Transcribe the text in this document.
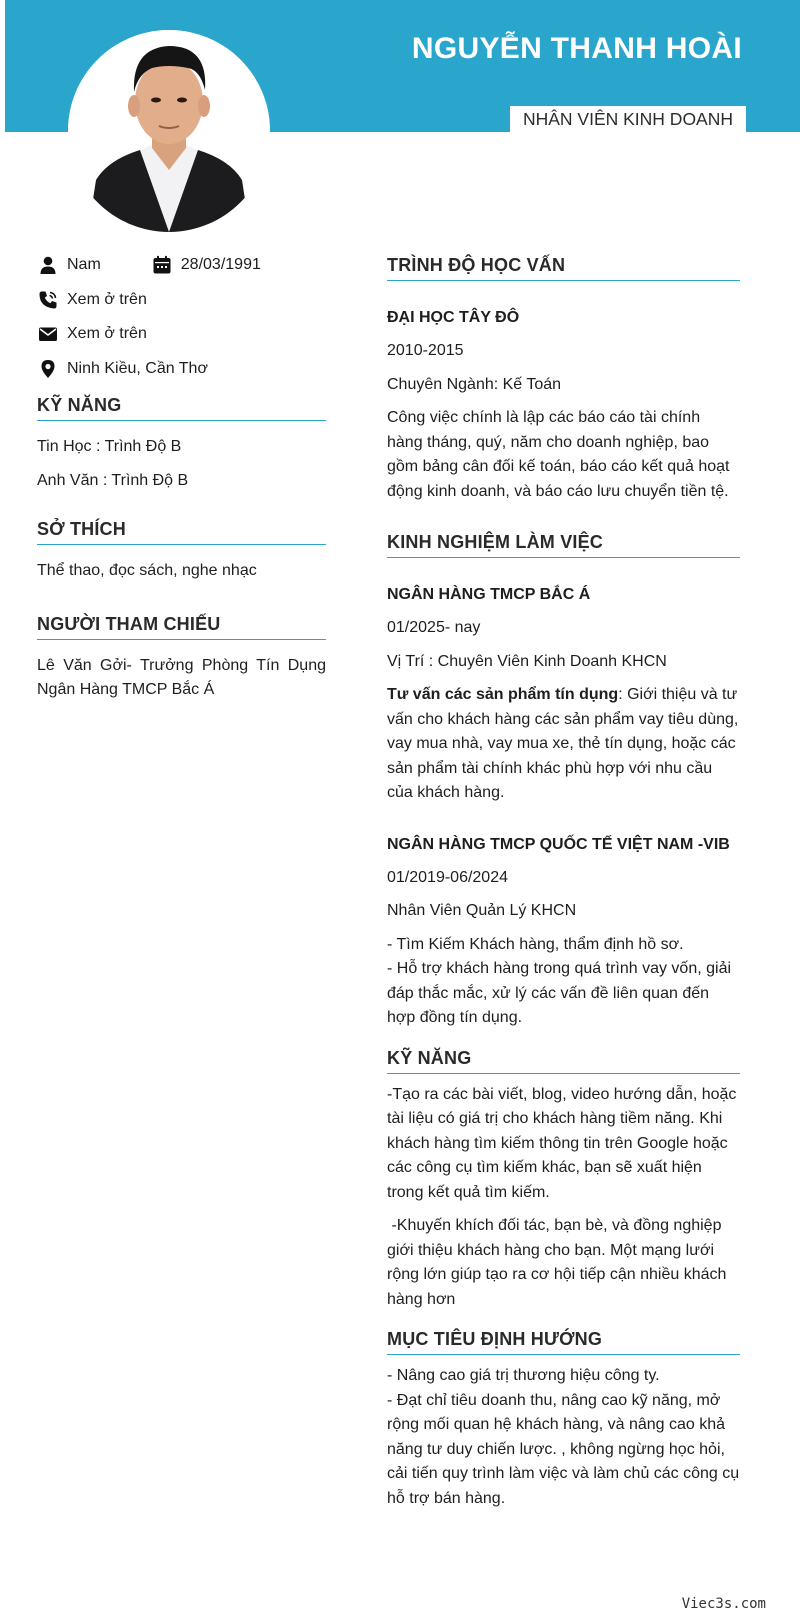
NGUYỄN THANH HOÀI
NHÂN VIÊN KINH DOANH
Nam	28/03/1991
Xem ở trên
Xem ở trên
Ninh Kiều, Cần Thơ
KỸ NĂNG
Tin Học : Trình Độ B
Anh Văn : Trình Độ B
SỞ THÍCH
Thể thao, đọc sách, nghe nhạc
NGƯỜI THAM CHIẾU
Lê Văn Gởi- Trưởng Phòng Tín Dụng Ngân Hàng TMCP Bắc Á
TRÌNH ĐỘ HỌC VẤN
ĐẠI HỌC TÂY ĐÔ
2010-2015
Chuyên Ngành: Kế Toán
Công việc chính là lập các báo cáo tài chính hàng tháng, quý, năm cho doanh nghiệp, bao gồm bảng cân đối kế toán, báo cáo kết quả hoạt động kinh doanh, và báo cáo lưu chuyển tiền tệ.
KINH NGHIỆM LÀM VIỆC
NGÂN HÀNG TMCP BẮC Á
01/2025- nay
Vị Trí : Chuyên Viên Kinh Doanh KHCN
Tư vấn các sản phẩm tín dụng: Giới thiệu và tư vấn cho khách hàng các sản phẩm vay tiêu dùng, vay mua nhà, vay mua xe, thẻ tín dụng, hoặc các sản phẩm tài chính khác phù hợp với nhu cầu của khách hàng.
NGÂN HÀNG TMCP QUỐC TẾ VIỆT NAM -VIB
01/2019-06/2024
Nhân Viên Quản Lý KHCN
- Tìm Kiếm Khách hàng, thẩm định hồ sơ.
- Hỗ trợ khách hàng trong quá trình vay vốn, giải đáp thắc mắc, xử lý các vấn đề liên quan đến hợp đồng tín dụng.
KỸ NĂNG
-Tạo ra các bài viết, blog, video hướng dẫn, hoặc tài liệu có giá trị cho khách hàng tiềm năng. Khi khách hàng tìm kiếm thông tin trên Google hoặc các công cụ tìm kiếm khác, bạn sẽ xuất hiện trong kết quả tìm kiếm.
-Khuyến khích đối tác, bạn bè, và đồng nghiệp giới thiệu khách hàng cho bạn. Một mạng lưới rộng lớn giúp tạo ra cơ hội tiếp cận nhiều khách hàng hơn
MỤC TIÊU ĐỊNH HƯỚNG
- Nâng cao giá trị thương hiệu công ty.
- Đạt chỉ tiêu doanh thu, nâng cao kỹ năng, mở rộng mối quan hệ khách hàng, và nâng cao khả năng tư duy chiến lược. , không ngừng học hỏi, cải tiến quy trình làm việc và làm chủ các công cụ hỗ trợ bán hàng.
Viec3s.com
